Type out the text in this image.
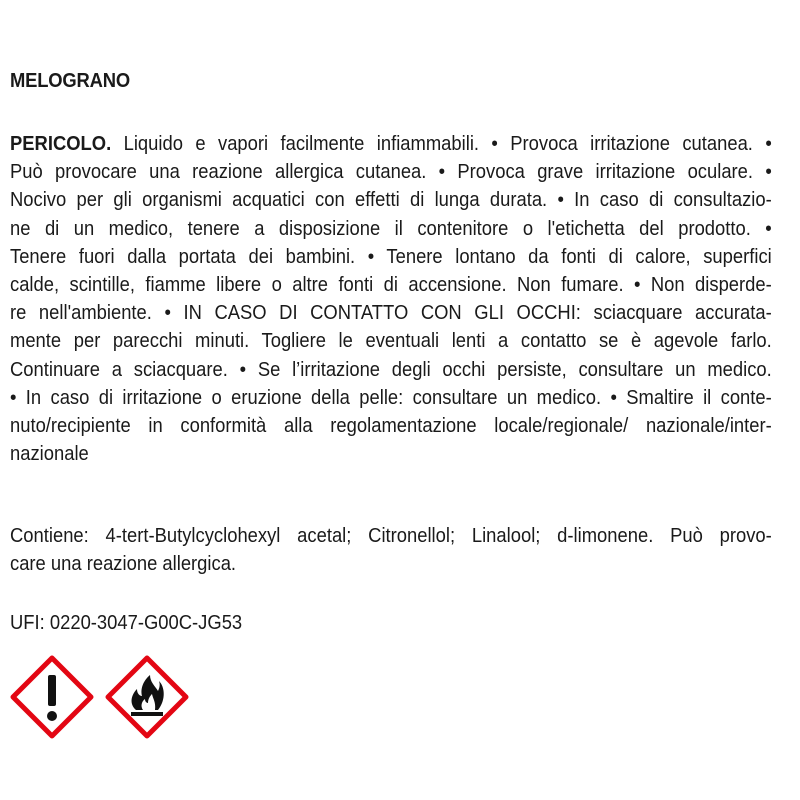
MELOGRANO
PERICOLO. Liquido e vapori facilmente infiammabili. • Provoca irritazione cutanea. •
Può provocare una reazione allergica cutanea. • Provoca grave irritazione oculare. •
Nocivo per gli organismi acquatici con effetti di lunga durata. • In caso di consultazio-
ne di un medico, tenere a disposizione il contenitore o l'etichetta del prodotto. •
Tenere fuori dalla portata dei bambini. • Tenere lontano da fonti di calore, superfici
calde, scintille, fiamme libere o altre fonti di accensione. Non fumare. • Non disperde-
re nell'ambiente. • IN CASO DI CONTATTO CON GLI OCCHI: sciacquare accurata-
mente per parecchi minuti. Togliere le eventuali lenti a contatto se è agevole farlo.
Continuare a sciacquare. • Se l’irritazione degli occhi persiste, consultare un medico.
• In caso di irritazione o eruzione della pelle: consultare un medico. • Smaltire il conte-
nuto/recipiente in conformità alla regolamentazione locale/regionale/ nazionale/inter-
nazionale
Contiene: 4-tert-Butylcyclohexyl acetal; Citronellol; Linalool; d-limonene. Può provo-
care una reazione allergica.
UFI: 0220-3047-G00C-JG53
